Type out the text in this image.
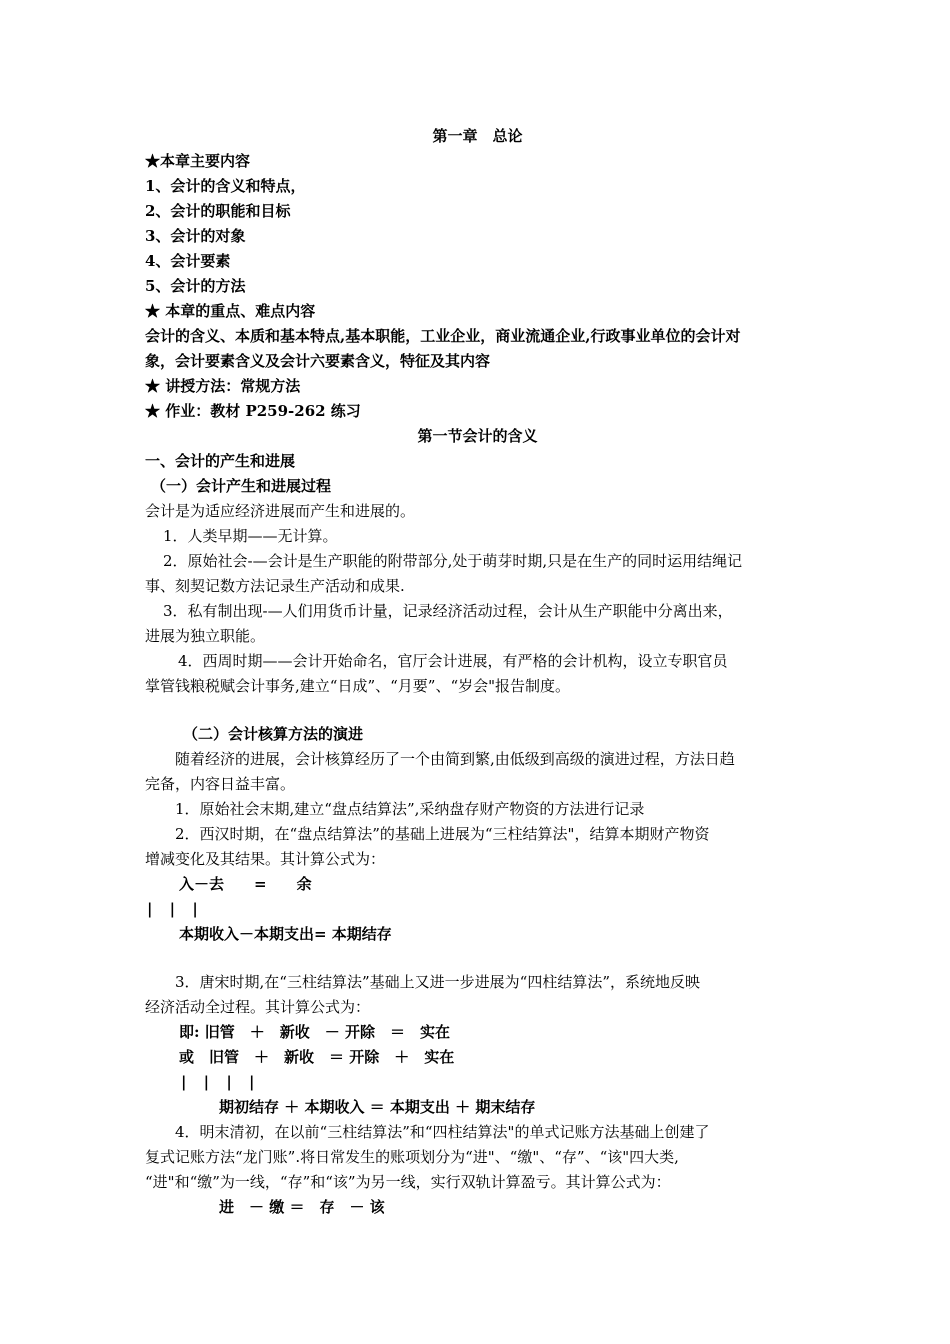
第一章　总论
★本章主要内容
1、会计的含义和特点，
2、会计的职能和目标
3、会计的对象
4、会计要素
5、会计的方法
★ 本章的重点、难点内容
会计的含义、本质和基本特点,基本职能，工业企业，商业流通企业,行政事业单位的会计对
象，会计要素含义及会计六要素含义，特征及其内容
★ 讲授方法：常规方法
★ 作业：教材 P259-262 练习
第一节会计的含义
一、会计的产生和进展
（一）会计产生和进展过程
会计是为适应经济进展而产生和进展的。
1．人类早期——无计算。
2．原始社会-—会计是生产职能的附带部分,处于萌芽时期,只是在生产的同时运用结绳记
事、刻契记数方法记录生产活动和成果.
3．私有制出现-—人们用货币计量，记录经济活动过程，会计从生产职能中分离出来，
进展为独立职能。
4．西周时期——会计开始命名，官厅会计进展，有严格的会计机构，设立专职官员
掌管钱粮税赋会计事务,建立“日成”、“月要”、“岁会"报告制度。
（二）会计核算方法的演进
随着经济的进展，会计核算经历了一个由简到繁,由低级到高级的演进过程，方法日趋
完备，内容日益丰富。
1．原始社会末期,建立“盘点结算法”,采纳盘存财产物资的方法进行记录
2．西汉时期，在“盘点结算法”的基础上进展为“三柱结算法"，结算本期财产物资
增减变化及其结果。其计算公式为：
入－去　　=　　余
| | |
本期收入－本期支出= 本期结存
3．唐宋时期,在“三柱结算法”基础上又进一步进展为“四柱结算法”，系统地反映
经济活动全过程。其计算公式为：
即: 旧管　＋　新收　－ 开除　＝　实在
或　旧管　＋　新收　＝ 开除　＋　实在
| | | |
期初结存 ＋ 本期收入 ＝ 本期支出 ＋ 期末结存
4．明末清初，在以前“三柱结算法”和“四柱结算法"的单式记账方法基础上创建了
复式记账方法“龙门账”.将日常发生的账项划分为“进"、“缴"、“存”、“该"四大类,
“进"和“缴”为一线，“存”和“该”为另一线，实行双轨计算盈亏。其计算公式为：
进　－ 缴 ＝　存　－ 该
